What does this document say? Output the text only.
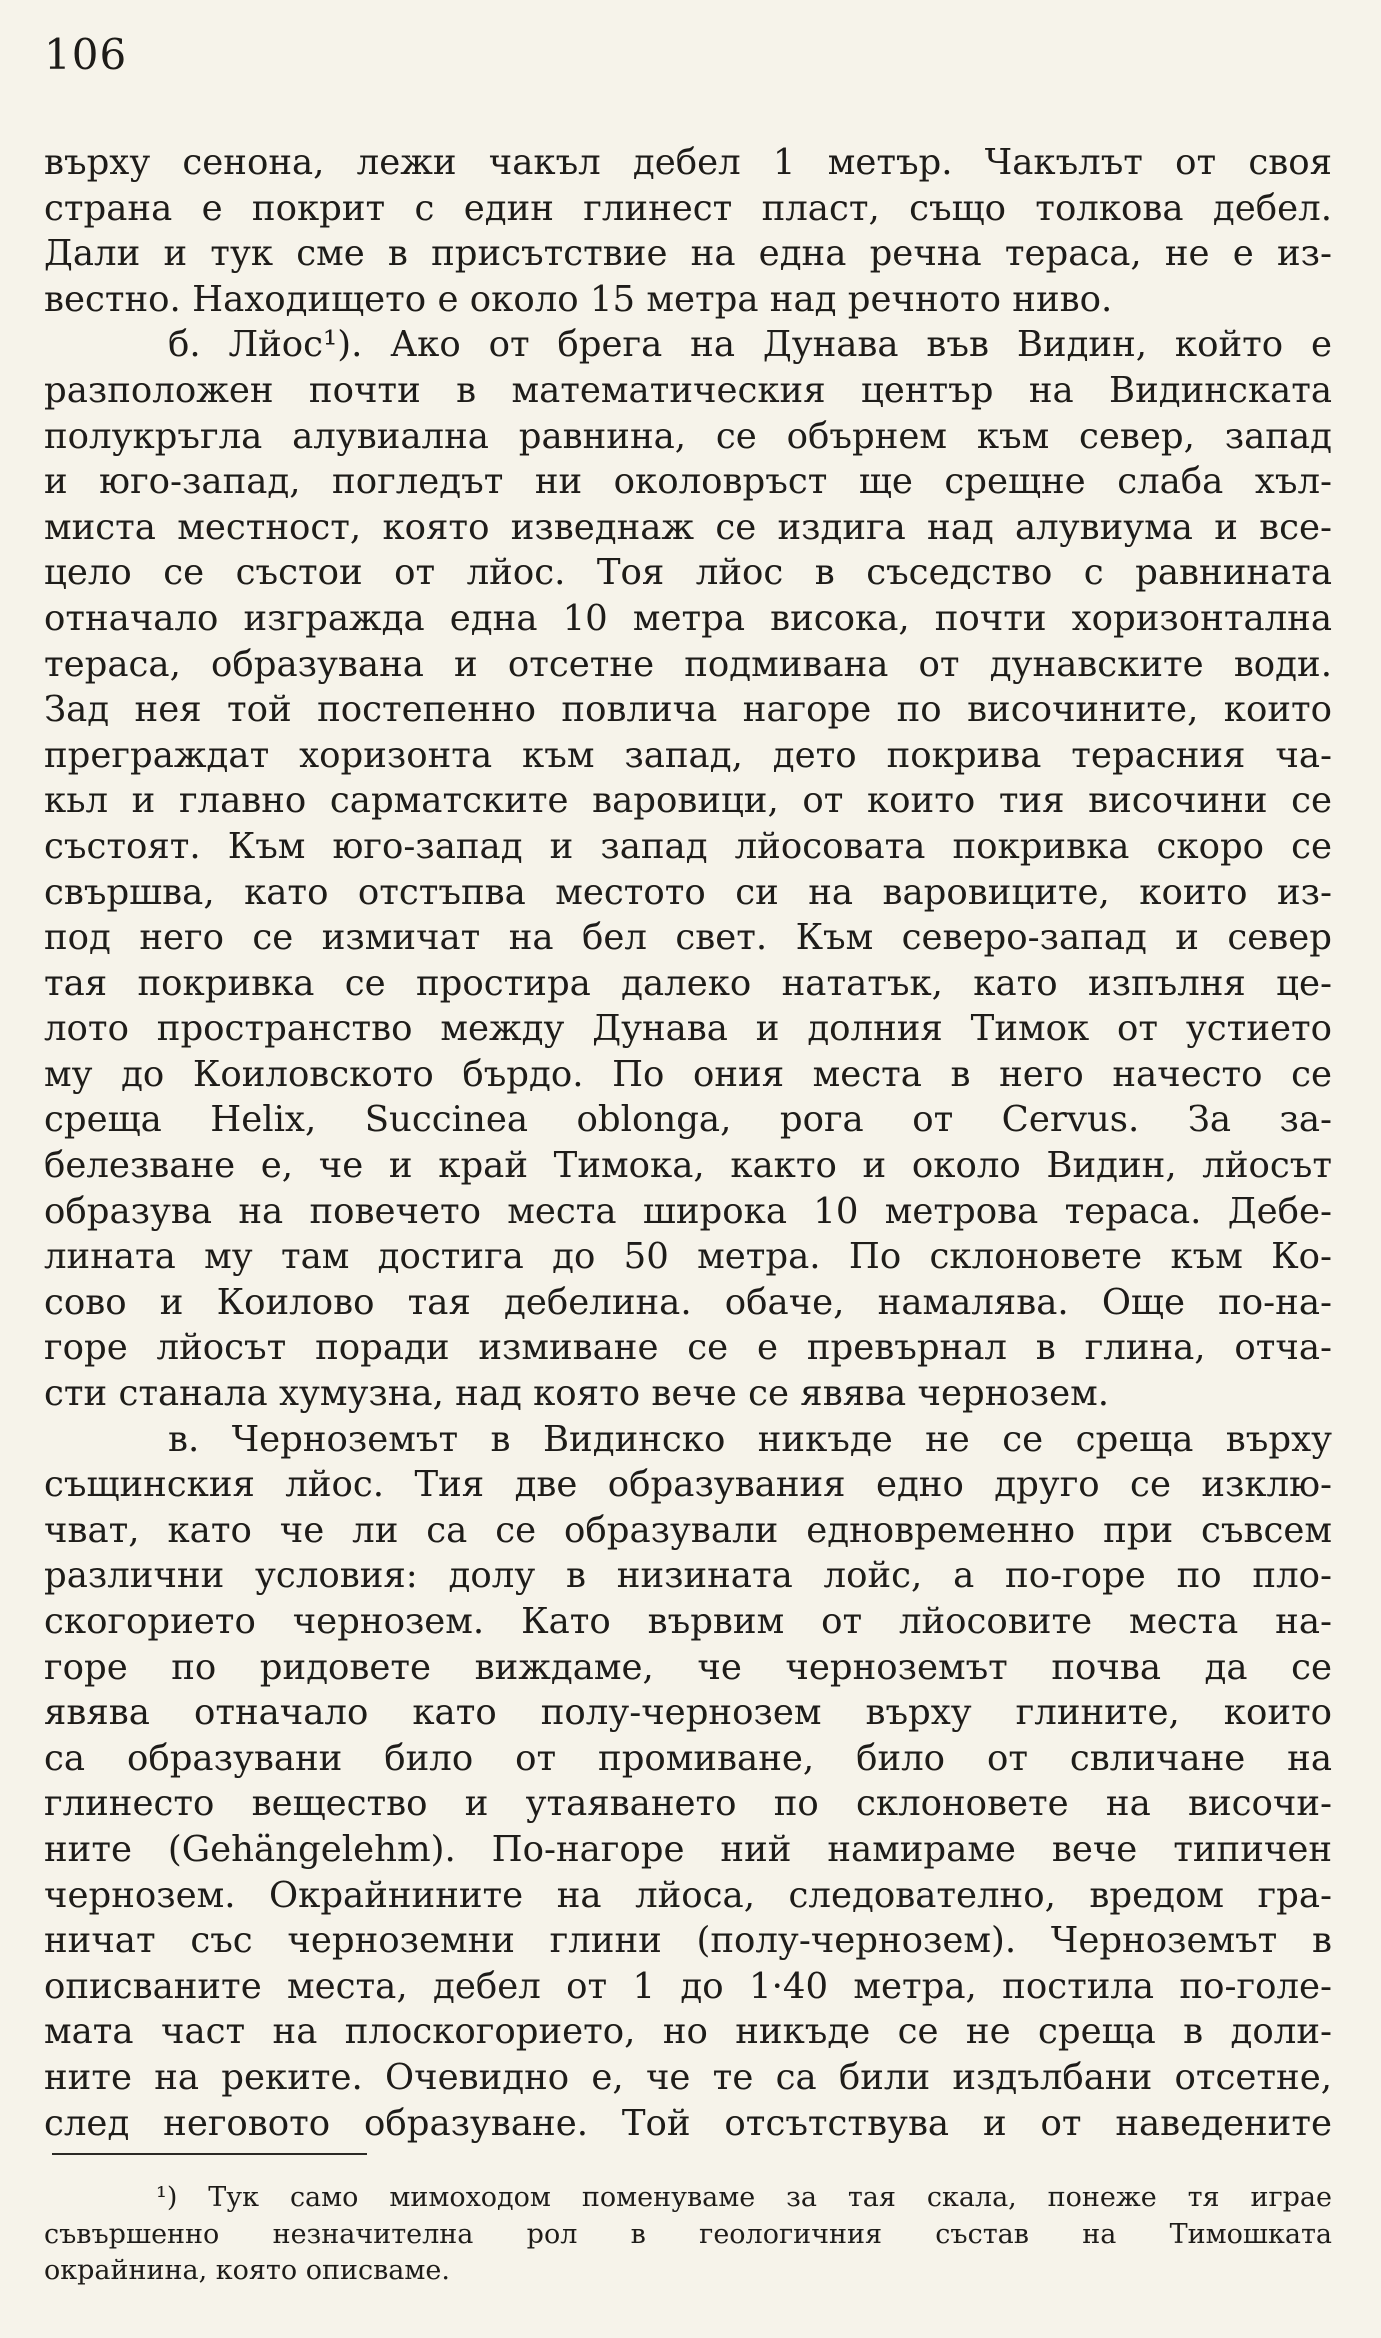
106
върху сенона, лежи чакъл дебел 1 метър. Чакълът от своя
страна е покрит с един глинест пласт, също толкова дебел.
Дали и тук сме в присътствие на една речна тераса, не е из-
вестно. Находището е около 15 метра над речното ниво.
б. Лйос¹). Ако от брега на Дунава във Видин, който е
разположен почти в математическия център на Видинската
полукръгла алувиална равнина, се обърнем към север, запад
и юго-запад, погледът ни околовръст ще срещне слаба хъл-
миста местност, която изведнаж се издига над алувиума и все-
цело се състои от лйос. Тоя лйос в съседство с равнината
отначало изгражда една 10 метра висока, почти хоризонтална
тераса, образувана и отсетне подмивана от дунавските води.
Зад нея той постепенно повлича нагоре по височините, които
преграждат хоризонта към запад, дето покрива терасния ча-
кьл и главно сарматските варовици, от които тия височини се
състоят. Към юго-запад и запад лйосовата покривка скоро се
свършва, като отстъпва местото си на варовиците, които из-
под него се измичат на бел свет. Към северо-запад и север
тая покривка се простира далеко нататък, като изпълня це-
лото пространство между Дунава и долния Тимок от устието
му до Коиловското бърдо. По ония места в него начесто се
среща Helix, Succinea oblonga, рога от Cervus. За за-
белезване е, че и край Тимока, както и около Видин, лйосът
образува на повечето места широка 10 метрова тераса. Дебе-
лината му там достига до 50 метра. По склоновете към Ко-
сово и Коилово тая дебелина. обаче, намалява. Още по-на-
горе лйосът поради измиване се е превърнал в глина, отча-
сти станала хумузна, над която вече се явява чернозем.
в. Черноземът в Видинско никъде не се среща върху
същинския лйос. Тия две образувания едно друго се изклю-
чват, като че ли са се образували едновременно при съвсем
различни условия: долу в низината лойс, а по-горе по пло-
скогорието чернозем. Като вървим от лйосовите места на-
горе по ридовете виждаме, че черноземът почва да се
явява отначало като полу-чернозем върху глините, които
са образувани било от промиване, било от свличане на
глинесто вещество и утаяването по склоновете на височи-
ните (Gehängelehm). По-нагоре ний намираме вече типичен
чернозем. Окрайнините на лйоса, следователно, вредом гра-
ничат със черноземни глини (полу-чернозем). Черноземът в
описваните места, дебел от 1 до 1·40 метра, постила по-голе-
мата част на плоскогорието, но никъде се не среща в доли-
ните на реките. Очевидно е, че те са били издълбани отсетне,
след неговото образуване. Той отсътствува и от наведените
¹) Тук само мимоходом поменуваме за тая скала, понеже тя играе
съвършенно незначителна рол в геологичния състав на Тимошката
окрайнина, която описваме.
